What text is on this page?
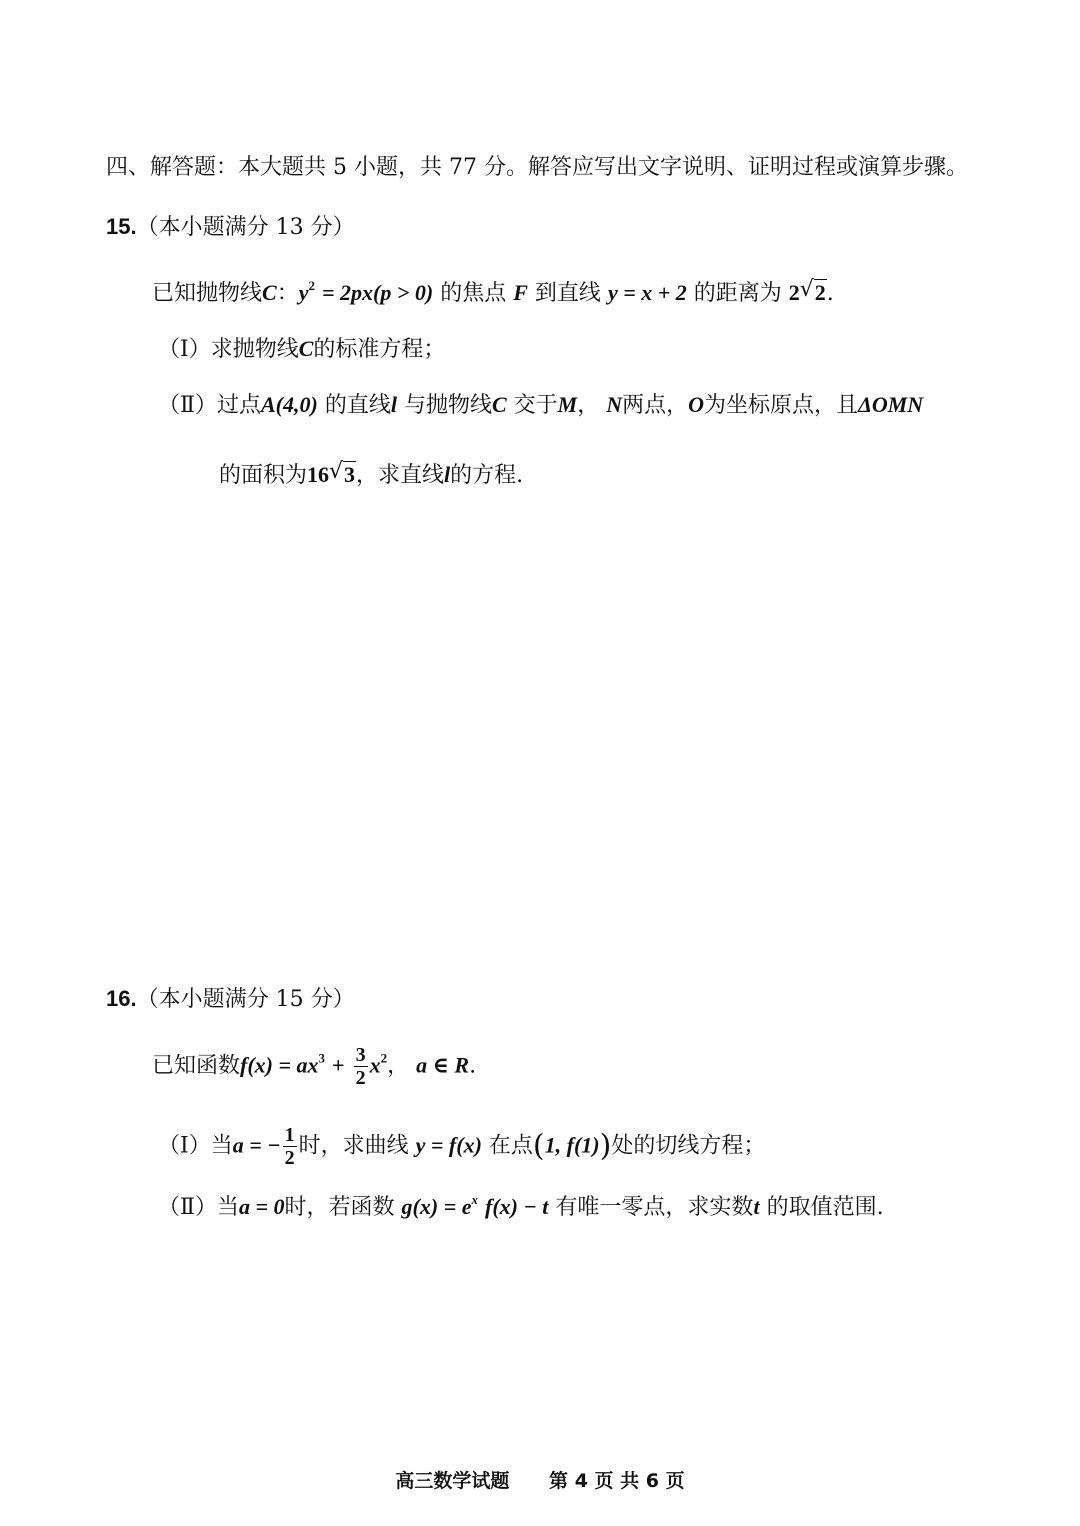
四、解答题：本大题共 5 小题，共 77 分。解答应写出文字说明、证明过程或演算步骤。
15.（本小题满分 13 分）
已知抛物线C：$y^2 = 2px(p > 0)$ 的焦点 F 到直线 y = x + 2 的距离为 2 √ 2.
（Ⅰ）求抛物线C的标准方程；
（Ⅱ）过点A(4,0) 的直线l 与抛物线C 交于M， N两点，O为坐标原点，且ΔOMN
的面积为16 √ 3，求直线l的方程.
16.（本小题满分 15 分）
已知函数$f(x) = ax^3 + \frac{3}{2} x^2$， a ∈ R.
（Ⅰ）当a = − $\frac{1}{2}$ 时，求曲线 y = f(x) 在点(1, f(1))处的切线方程；
（Ⅱ）当a = 0时，若函数 $g(x) = e^x$ f(x) − t 有唯一零点，求实数t 的取值范围.
高三数学试题 第 4 页 共 6 页
